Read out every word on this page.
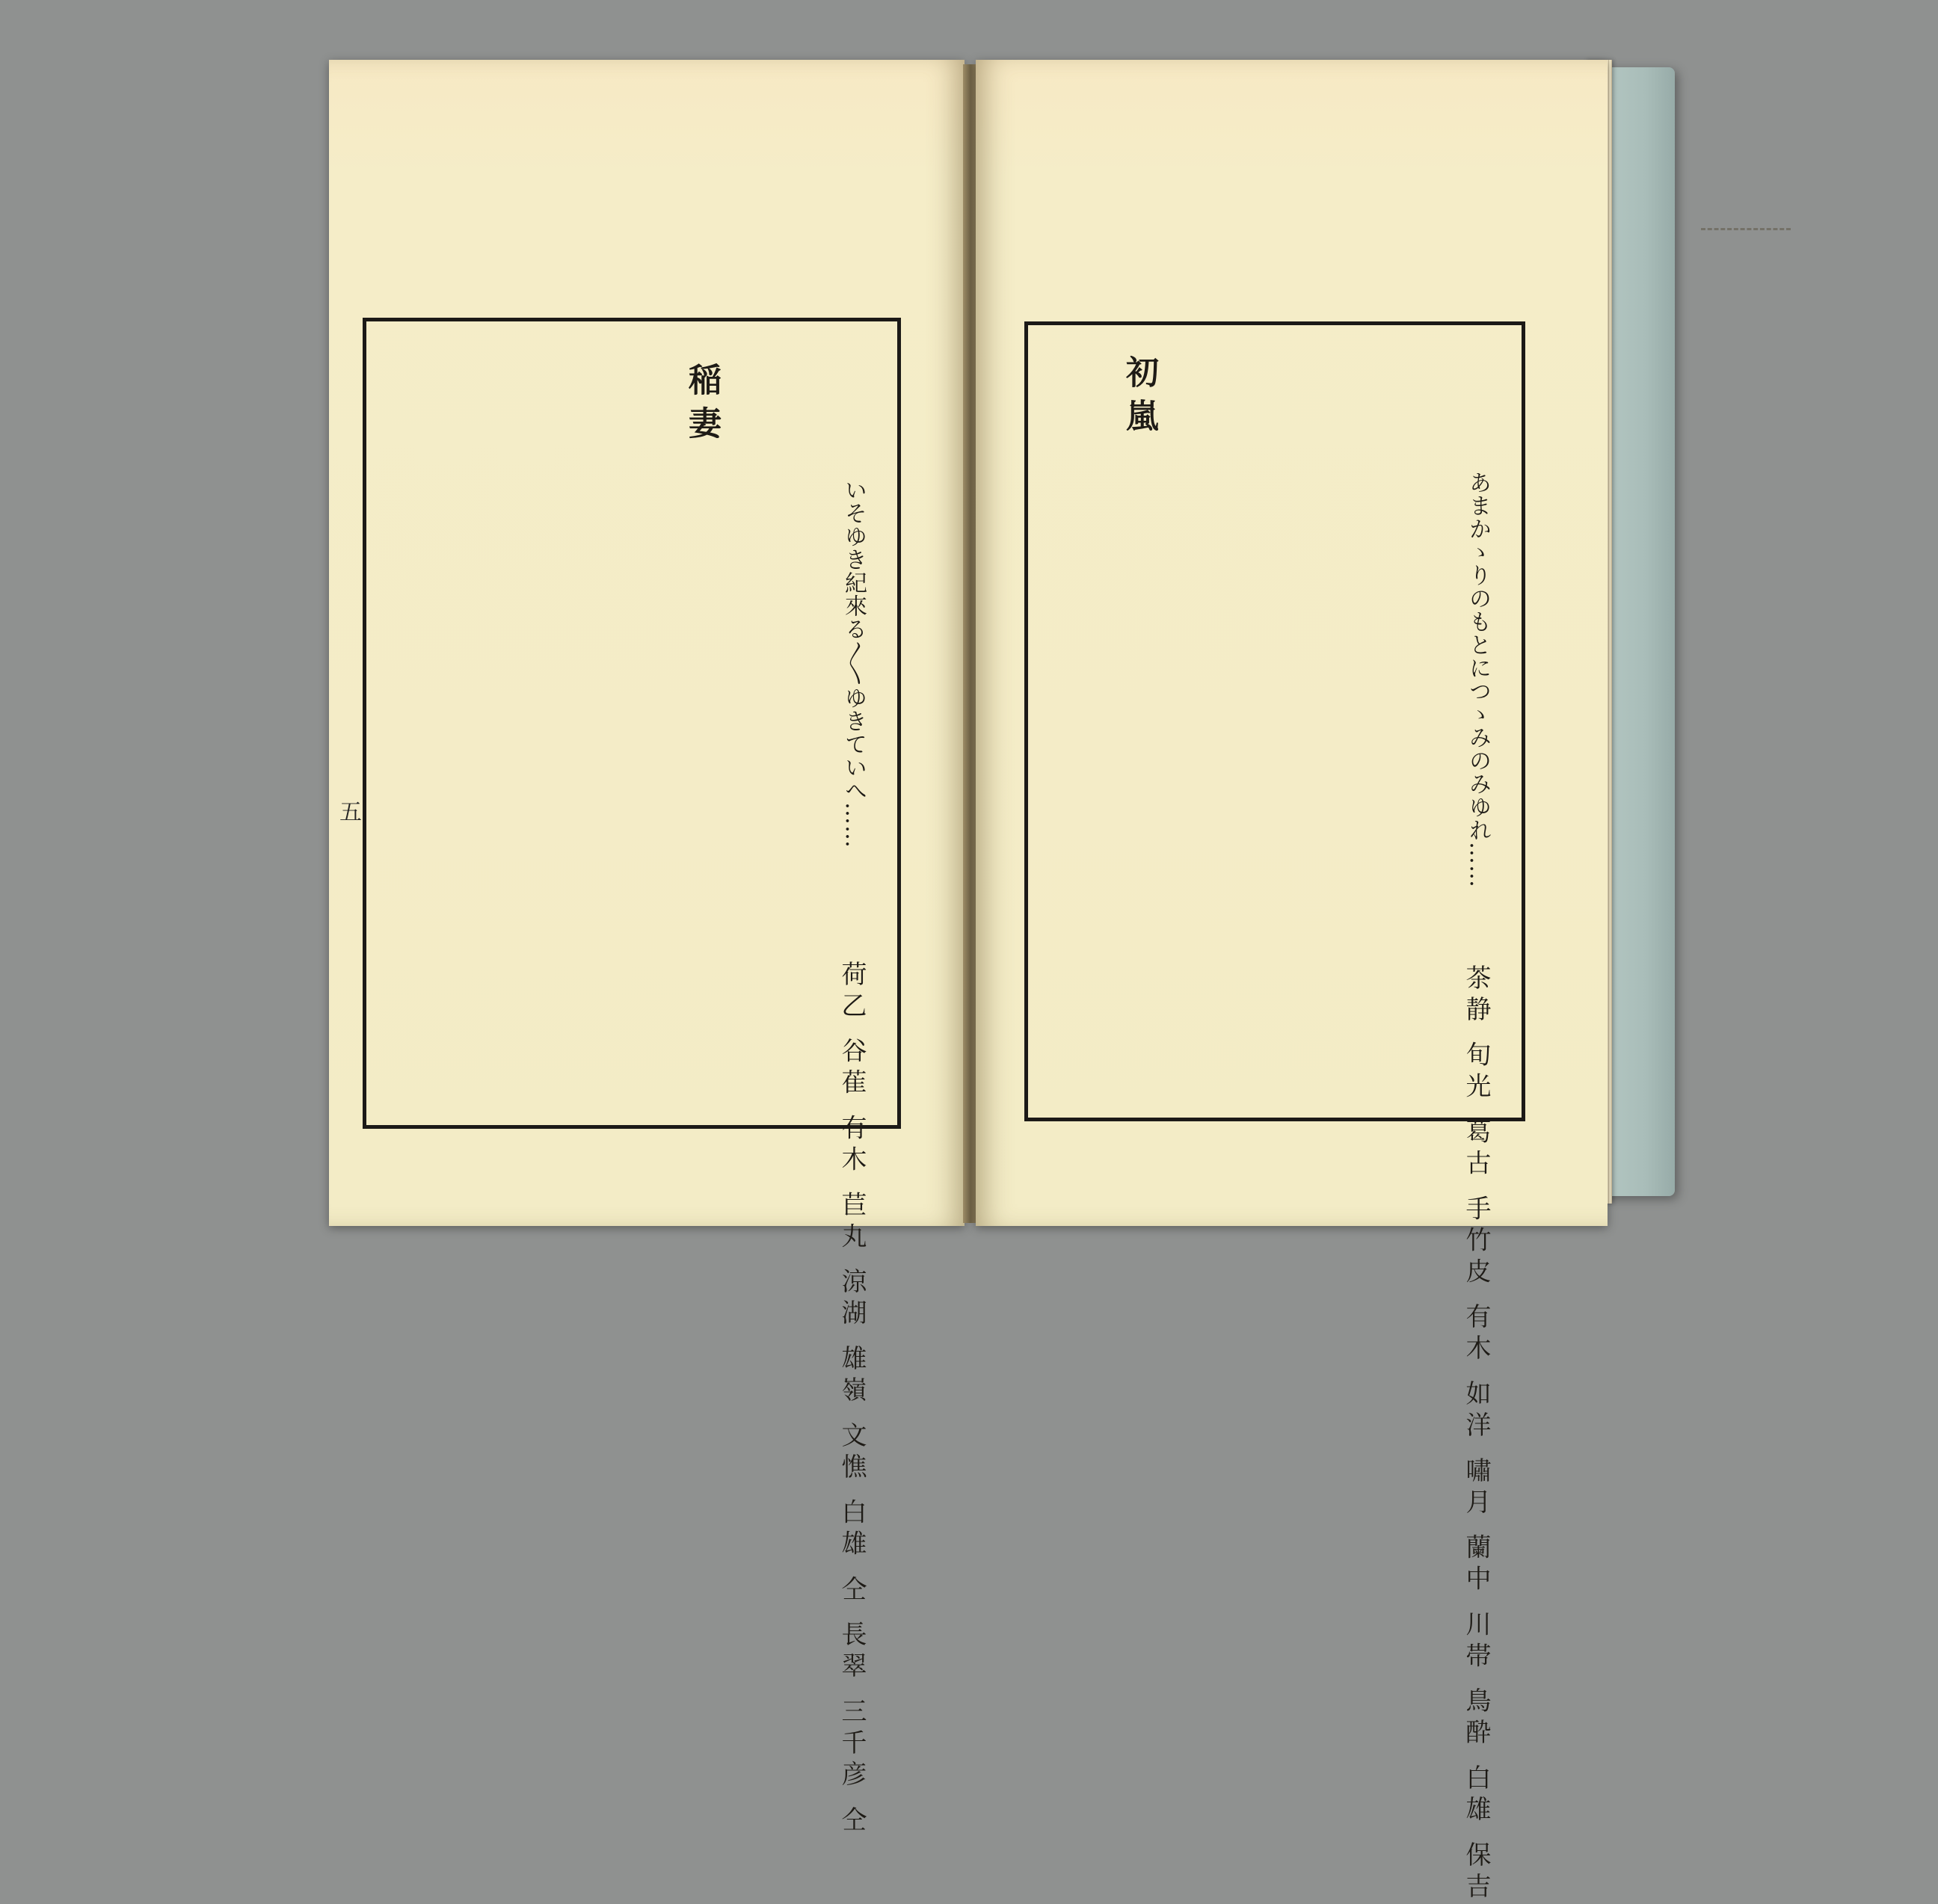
五
稲妻
いそゆき紀來る〳〵ゆきていへ……
荷乙 谷萑 有木 苣丸 涼湖 雄嶺 文憔 白雄 仝 長翠 三千彦 仝
初嵐
あまかゝりのもとにつゝみのみゆれ……
茶静 旬光 葛古 手竹皮 有木 如洋 嘯月 蘭中 川帯 鳥酔 白雄 保吉
